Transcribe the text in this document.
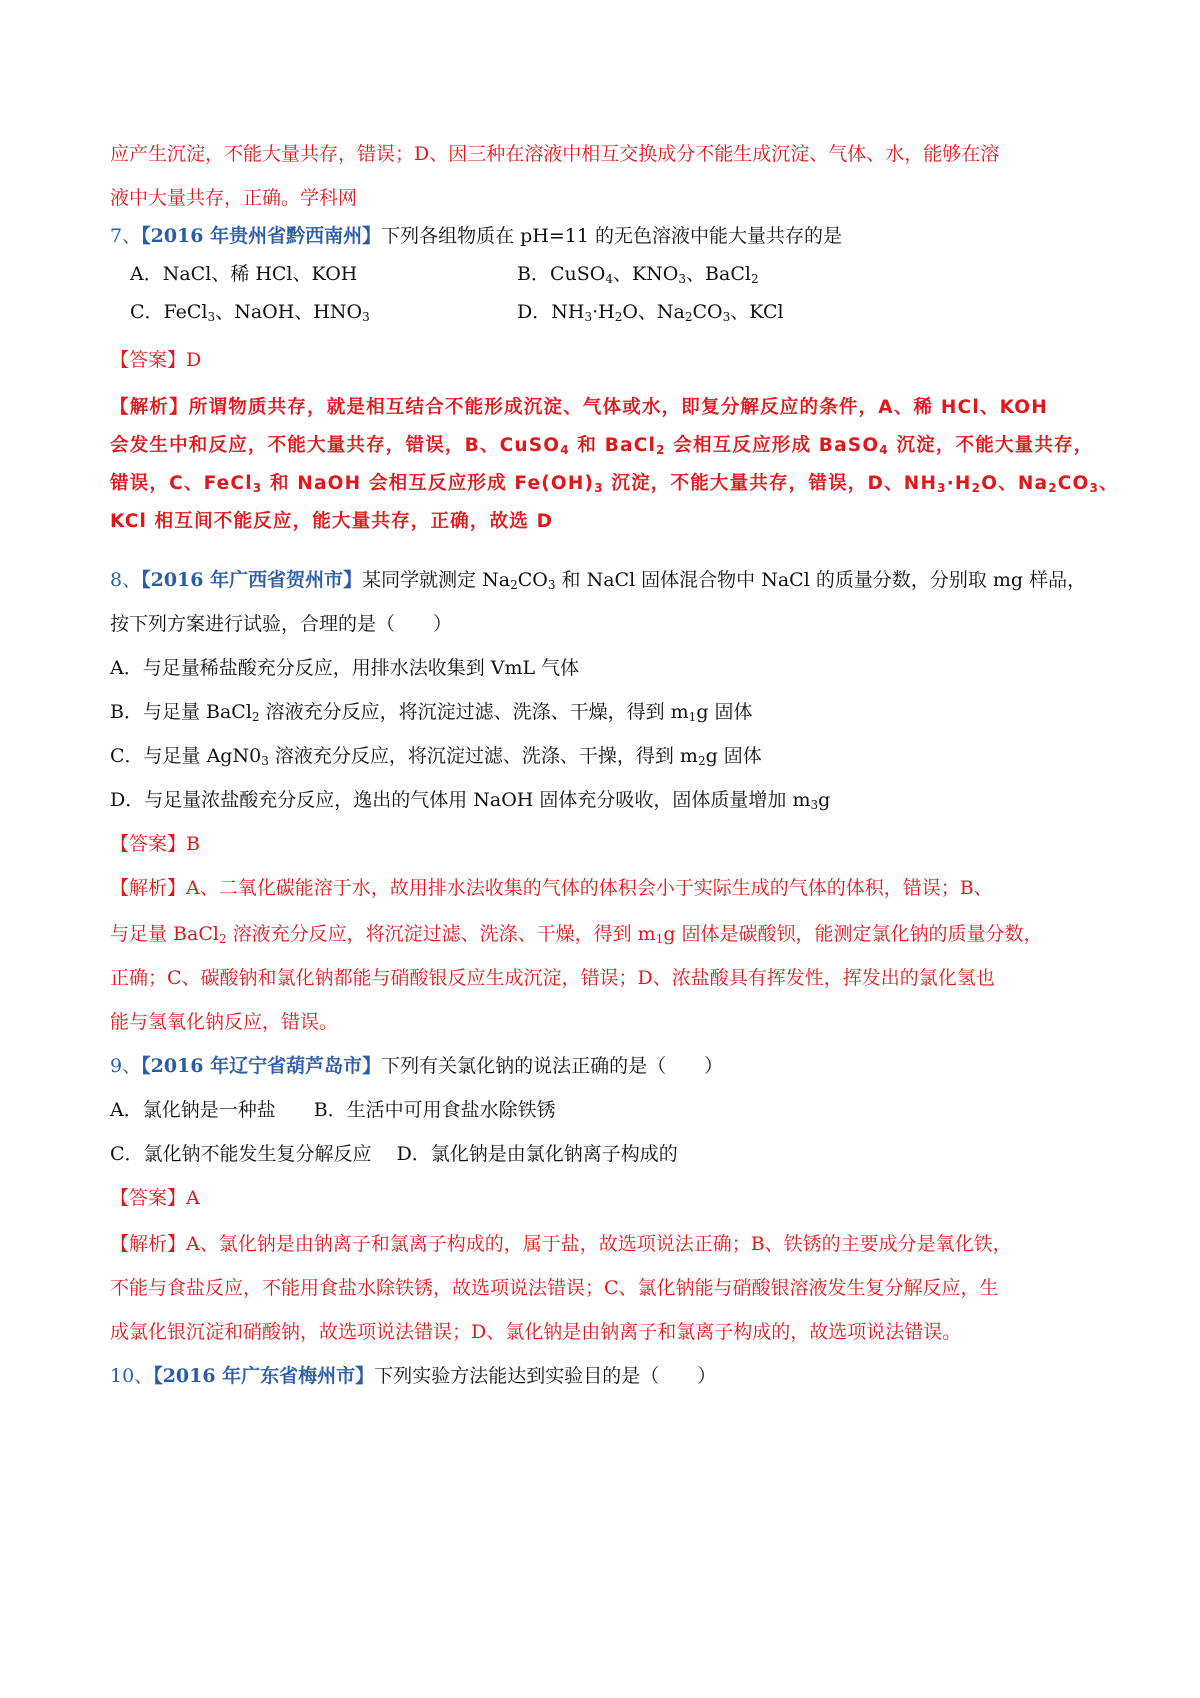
应产生沉淀，不能大量共存，错误；D、因三种在溶液中相互交换成分不能生成沉淀、气体、水，能够在溶
液中大量共存，正确。学科网
7、【2016 年贵州省黔西南州】下列各组物质在 pH=11 的无色溶液中能大量共存的是
A．NaCl、稀 HCl、KOH	B．CuSO$_4$、$KNO_3$、BaCl$_2$
C．FeCl$_3$、NaOH、$HNO_3$	D．$NH_3\cdot H_2O$、$Na_2CO_3$、KCl
【答案】D
【解析】所谓物质共存，就是相互结合不能形成沉淀、气体或水，即复分解反应的条件，A、稀 HCl、KOH
会发生中和反应，不能大量共存，错误，B、CuSO$_4$ 和 BaCl$_2$ 会相互反应形成 BaSO$_4$ 沉淀，不能大量共存，
错误，C、FeCl$_3$ 和 NaOH 会相互反应形成 $Fe(OH)_3$ 沉淀，不能大量共存，错误，D、$NH_3\cdot H_2O$、$Na_2CO_3$、
KCl 相互间不能反应，能大量共存，正确，故选 D
8、【2016 年广西省贺州市】某同学就测定 $Na_2CO_3$ 和 NaCl 固体混合物中 NaCl 的质量分数，分别取 mg 样品，
按下列方案进行试验，合理的是（　　）
A．与足量稀盐酸充分反应，用排水法收集到 VmL 气体
B．与足量 BaCl$_2$ 溶液充分反应，将沉淀过滤、洗涤、干燥，得到 $m_1g$ 固体
C．与足量 $AgN0_3$ 溶液充分反应，将沉淀过滤、洗涤、干操，得到 $m_2g$ 固体
D．与足量浓盐酸充分反应，逸出的气体用 NaOH 固体充分吸收，固体质量增加 $m_3g$
【答案】B
【解析】A、二氧化碳能溶于水，故用排水法收集的气体的体积会小于实际生成的气体的体积，错误；B、
与足量 BaCl$_2$ 溶液充分反应，将沉淀过滤、洗涤、干燥，得到 $m_1g$ 固体是碳酸钡，能测定氯化钠的质量分数，
正确；C、碳酸钠和氯化钠都能与硝酸银反应生成沉淀，错误；D、浓盐酸具有挥发性，挥发出的氯化氢也
能与氢氧化钠反应，错误。
9、【2016 年辽宁省葫芦岛市】下列有关氯化钠的说法正确的是（　　）
A．氯化钠是一种盐　　B．生活中可用食盐水除铁锈
C．氯化钠不能发生复分解反应　 D．氯化钠是由氯化钠离子构成的
【答案】A
【解析】A、氯化钠是由钠离子和氯离子构成的，属于盐，故选项说法正确；B、铁锈的主要成分是氧化铁，
不能与食盐反应，不能用食盐水除铁锈，故选项说法错误；C、氯化钠能与硝酸银溶液发生复分解反应，生
成氯化银沉淀和硝酸钠，故选项说法错误；D、氯化钠是由钠离子和氯离子构成的，故选项说法错误。
10、【2016 年广东省梅州市】下列实验方法能达到实验目的是（　　）
